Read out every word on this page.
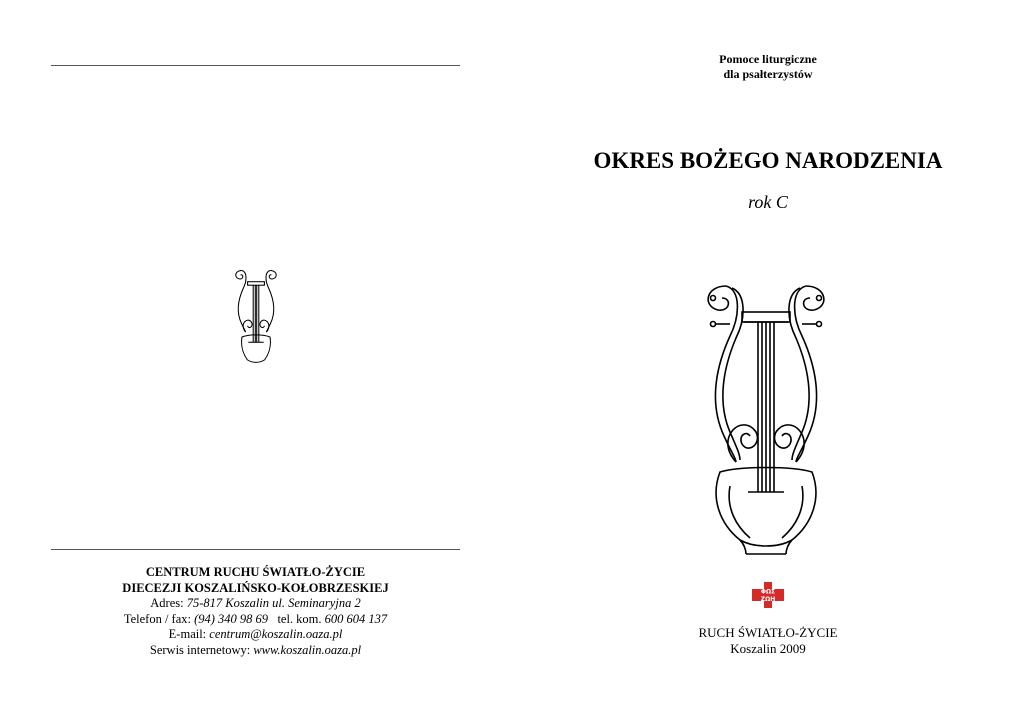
CENTRUM RUCHU ŚWIATŁO-ŻYCIE
DIECEZJI KOSZALIŃSKO-KOŁOBRZESKIEJ
Adres: 75-817 Koszalin ul. Seminaryjna 2
Telefon / fax: (94) 340 98 69   tel. kom. 600 604 137
E-mail: centrum@koszalin.oaza.pl
Serwis internetowy: www.koszalin.oaza.pl
Pomoce liturgiczne
dla psałterzystów
OKRES BOŻEGO NARODZENIA
rok C
ΦΩΣ
ΖΩΗ
RUCH ŚWIATŁO-ŻYCIE
Koszalin 2009
